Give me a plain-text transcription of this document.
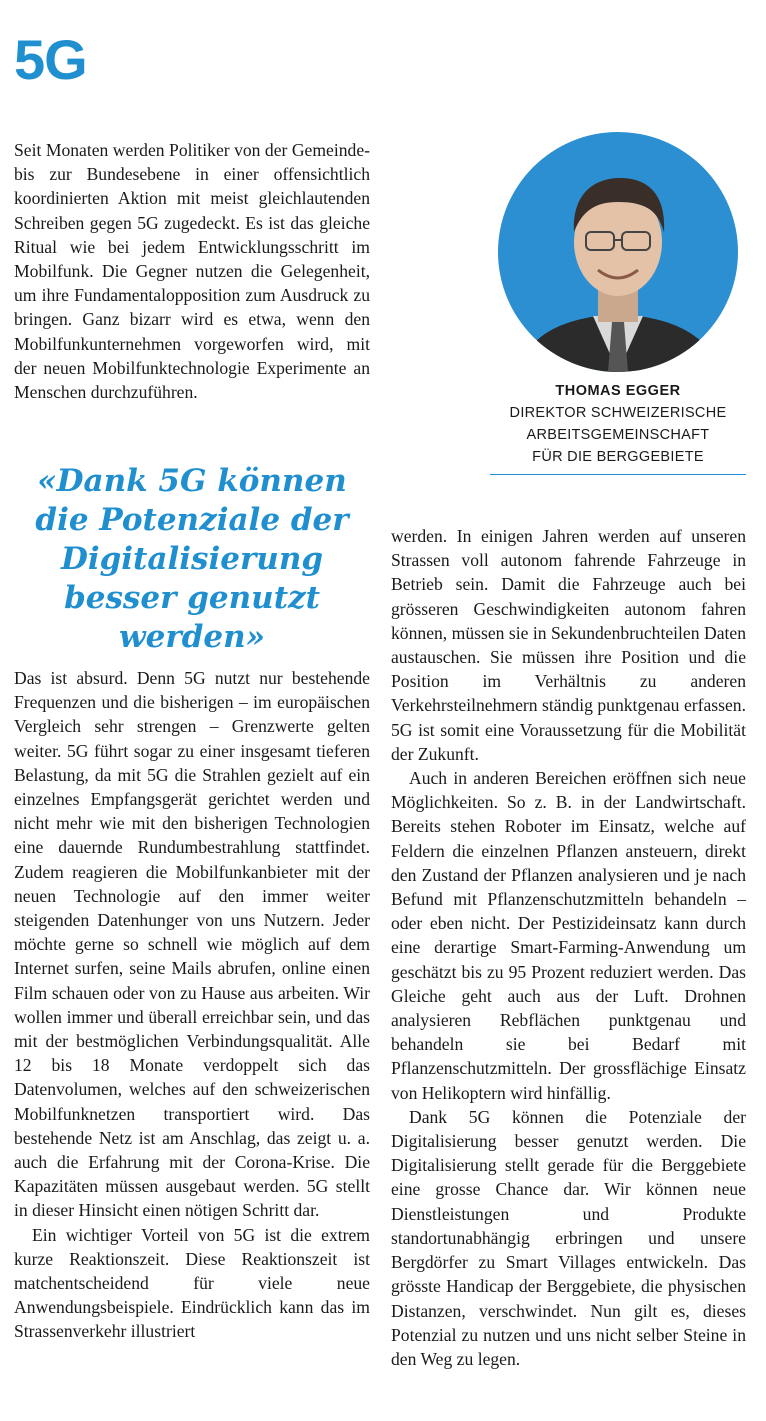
5G

Seit Monaten werden Politiker von der Gemeinde- bis zur Bundesebene in einer offensichtlich koordinierten Aktion mit meist gleichlautenden Schreiben gegen 5G zugedeckt. Es ist das gleiche Ritual wie bei jedem Entwicklungsschritt im Mobilfunk. Die Gegner nutzen die Gelegenheit, um ihre Fundamentalopposition zum Ausdruck zu bringen. Ganz bizarr wird es etwa, wenn den Mobilfunkunternehmen vorgeworfen wird, mit der neuen Mobilfunktechnologie Experimente an Menschen durchzuführen.

«Dank 5G können die Potenziale der Digitalisierung besser genutzt werden»

THOMAS EGGER
DIREKTOR SCHWEIZERISCHE
ARBEITSGEMEINSCHAFT
FÜR DIE BERGGEBIETE

Das ist absurd. Denn 5G nutzt nur bestehende Frequenzen und die bisherigen – im europäischen Vergleich sehr strengen – Grenzwerte gelten weiter. 5G führt sogar zu einer insgesamt tieferen Belastung, da mit 5G die Strahlen gezielt auf ein einzelnes Empfangsgerät gerichtet werden und nicht mehr wie mit den bisherigen Technologien eine dauernde Rundumbestrahlung stattfindet. Zudem reagieren die Mobilfunkanbieter mit der neuen Technologie auf den immer weiter steigenden Datenhunger von uns Nutzern. Jeder möchte gerne so schnell wie möglich auf dem Internet surfen, seine Mails abrufen, online einen Film schauen oder von zu Hause aus arbeiten. Wir wollen immer und überall erreichbar sein, und das mit der bestmöglichen Verbindungsqualität. Alle 12 bis 18 Monate verdoppelt sich das Datenvolumen, welches auf den schweizerischen Mobilfunknetzen transportiert wird. Das bestehende Netz ist am Anschlag, das zeigt u. a. auch die Erfahrung mit der Corona-Krise. Die Kapazitäten müssen ausgebaut werden. 5G stellt in dieser Hinsicht einen nötigen Schritt dar.

Ein wichtiger Vorteil von 5G ist die extrem kurze Reaktionszeit. Diese Reaktionszeit ist matchentscheidend für viele neue Anwendungsbeispiele. Eindrücklich kann das im Strassenverkehr illustriert

werden. In einigen Jahren werden auf unseren Strassen voll autonom fahrende Fahrzeuge in Betrieb sein. Damit die Fahrzeuge auch bei grösseren Geschwindigkeiten autonom fahren können, müssen sie in Sekundenbruchteilen Daten austauschen. Sie müssen ihre Position und die Position im Verhältnis zu anderen Verkehrsteilnehmern ständig punktgenau erfassen. 5G ist somit eine Voraussetzung für die Mobilität der Zukunft.

Auch in anderen Bereichen eröffnen sich neue Möglichkeiten. So z. B. in der Landwirtschaft. Bereits stehen Roboter im Einsatz, welche auf Feldern die einzelnen Pflanzen ansteuern, direkt den Zustand der Pflanzen analysieren und je nach Befund mit Pflanzenschutzmitteln behandeln – oder eben nicht. Der Pestizideinsatz kann durch eine derartige Smart-Farming-Anwendung um geschätzt bis zu 95 Prozent reduziert werden. Das Gleiche geht auch aus der Luft. Drohnen analysieren Rebflächen punktgenau und behandeln sie bei Bedarf mit Pflanzenschutzmitteln. Der grossflächige Einsatz von Helikoptern wird hinfällig.

Dank 5G können die Potenziale der Digitalisierung besser genutzt werden. Die Digitalisierung stellt gerade für die Berggebiete eine grosse Chance dar. Wir können neue Dienstleistungen und Produkte standortunabhängig erbringen und unsere Bergdörfer zu Smart Villages entwickeln. Das grösste Handicap der Berggebiete, die physischen Distanzen, verschwindet. Nun gilt es, dieses Potenzial zu nutzen und uns nicht selber Steine in den Weg zu legen.
